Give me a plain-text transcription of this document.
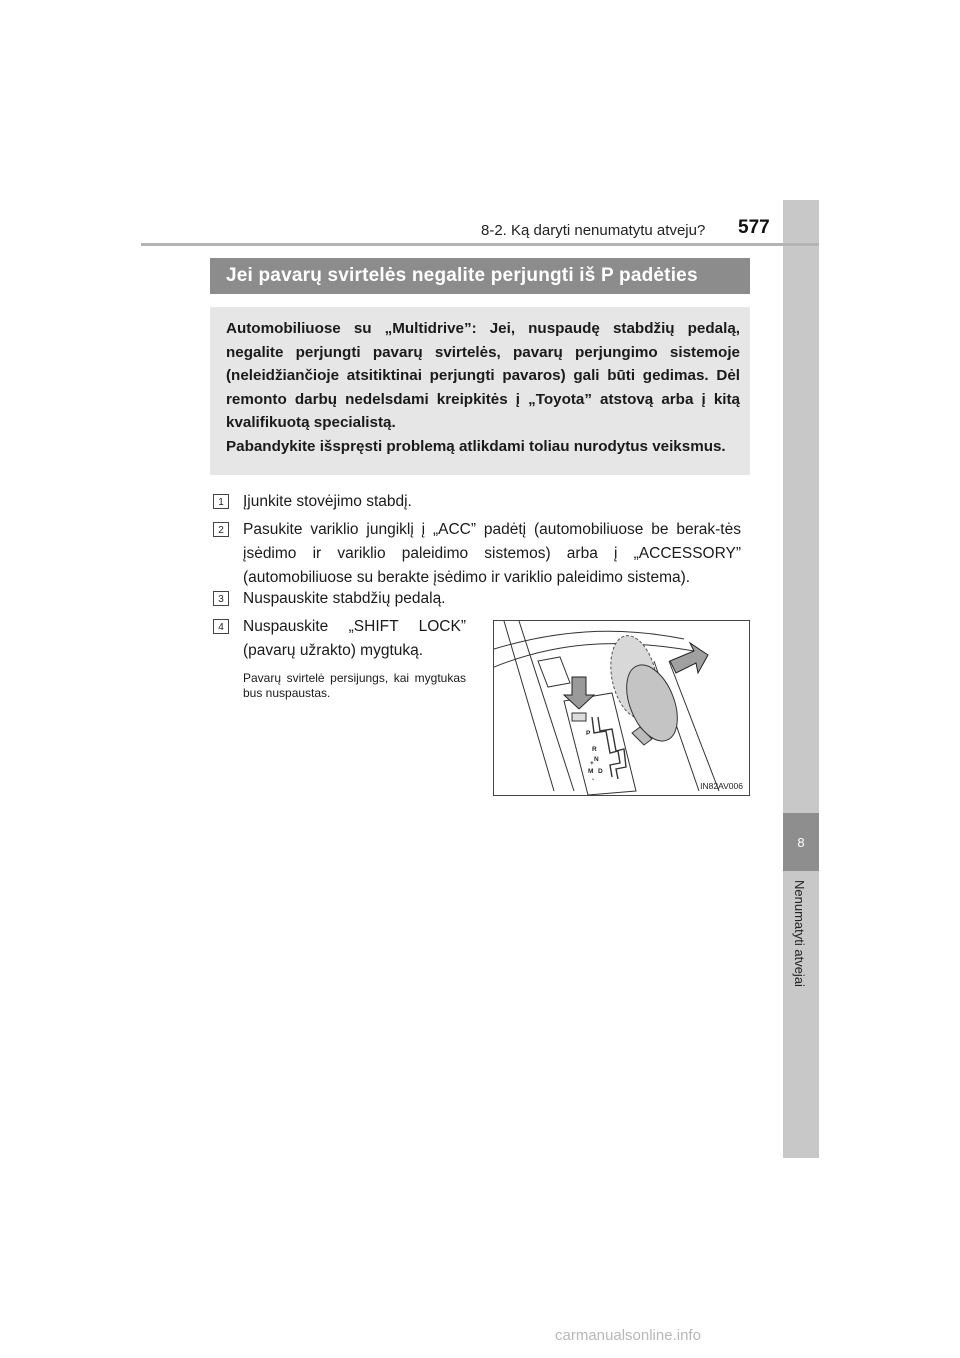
8
Nenumatyti atvejai
8-2. Ką daryti nenumatytu atveju? 577
Jei pavarų svirtelės negalite perjungti iš P padėties

Automobiliuose su „Multidrive”: Jei, nuspaudę stabdžių pedalą, negalite perjungti pavarų svirtelės, pavarų perjungimo sistemoje (neleidžiančioje atsitiktinai perjungti pavaros) gali būti gedimas. Dėl remonto darbų nedelsdami kreipkitės į „Toyota” atstovą arba į kitą kvalifikuotą specialistą.

Pabandykite išspręsti problemą atlikdami toliau nurodytus veiksmus.

1	Įjunkite stovėjimo stabdį.
2	Pasukite variklio jungiklį į „ACC” padėtį (automobiliuose be berak-tės įsėdimo ir variklio paleidimo sistemos) arba į „ACCESSORY” (automobiliuose su berakte įsėdimo ir variklio paleidimo sistema).
3	Nuspauskite stabdžių pedalą.
4	Nuspauskite „SHIFT LOCK” (pavarų užrakto) mygtuką.
Pavarų svirtelė persijungs, kai mygtukas bus nuspaustas.
P
R
N
D
M
+
-
IN82AV006
carmanualsonline.info
